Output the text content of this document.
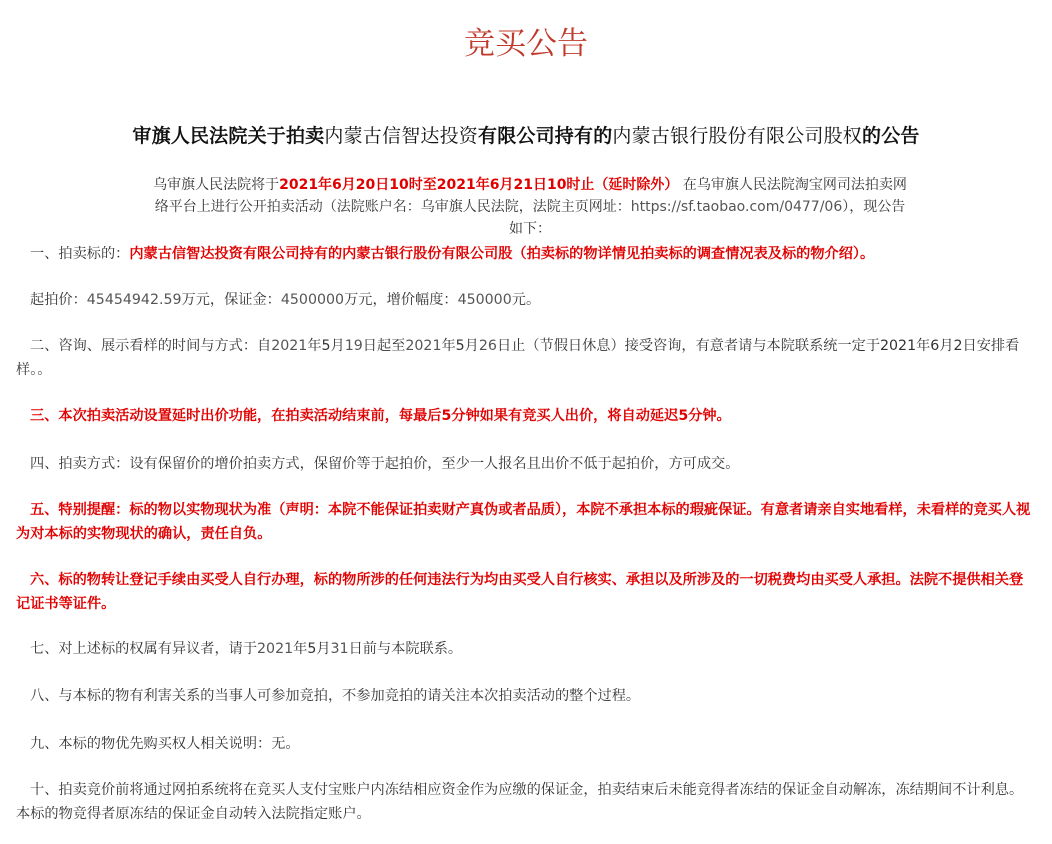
竞买公告
审旗人民法院关于拍卖内蒙古信智达投资有限公司持有的内蒙古银行股份有限公司股权的公告
乌审旗人民法院将于2021年6月20日10时至2021年6月21日10时止（延时除外） 在乌审旗人民法院淘宝网司法拍卖网络平台上进行公开拍卖活动（法院账户名：乌审旗人民法院，法院主页网址：https://sf.taobao.com/0477/06），现公告如下：
一、拍卖标的：内蒙古信智达投资有限公司持有的内蒙古银行股份有限公司股（拍卖标的物详情见拍卖标的调查情况表及标的物介绍）。
起拍价：45454942.59万元，保证金：4500000万元，增价幅度：450000元。
二、咨询、展示看样的时间与方式：自2021年5月19日起至2021年5月26日止（节假日休息）接受咨询，有意者请与本院联系统一定于2021年6月2日安排看样。。
三、本次拍卖活动设置延时出价功能，在拍卖活动结束前，每最后5分钟如果有竞买人出价，将自动延迟5分钟。
四、拍卖方式：设有保留价的增价拍卖方式，保留价等于起拍价，至少一人报名且出价不低于起拍价，方可成交。
五、特别提醒：标的物以实物现状为准（声明：本院不能保证拍卖财产真伪或者品质），本院不承担本标的瑕疵保证。有意者请亲自实地看样，未看样的竞买人视为对本标的实物现状的确认，责任自负。
六、标的物转让登记手续由买受人自行办理，标的物所涉的任何违法行为均由买受人自行核实、承担以及所涉及的一切税费均由买受人承担。法院不提供相关登记证书等证件。
七、对上述标的权属有异议者，请于2021年5月31日前与本院联系。
八、与本标的物有利害关系的当事人可参加竞拍，不参加竞拍的请关注本次拍卖活动的整个过程。
九、本标的物优先购买权人相关说明：无。
十、拍卖竞价前将通过网拍系统将在竞买人支付宝账户内冻结相应资金作为应缴的保证金，拍卖结束后未能竞得者冻结的保证金自动解冻，冻结期间不计利息。本标的物竞得者原冻结的保证金自动转入法院指定账户。
